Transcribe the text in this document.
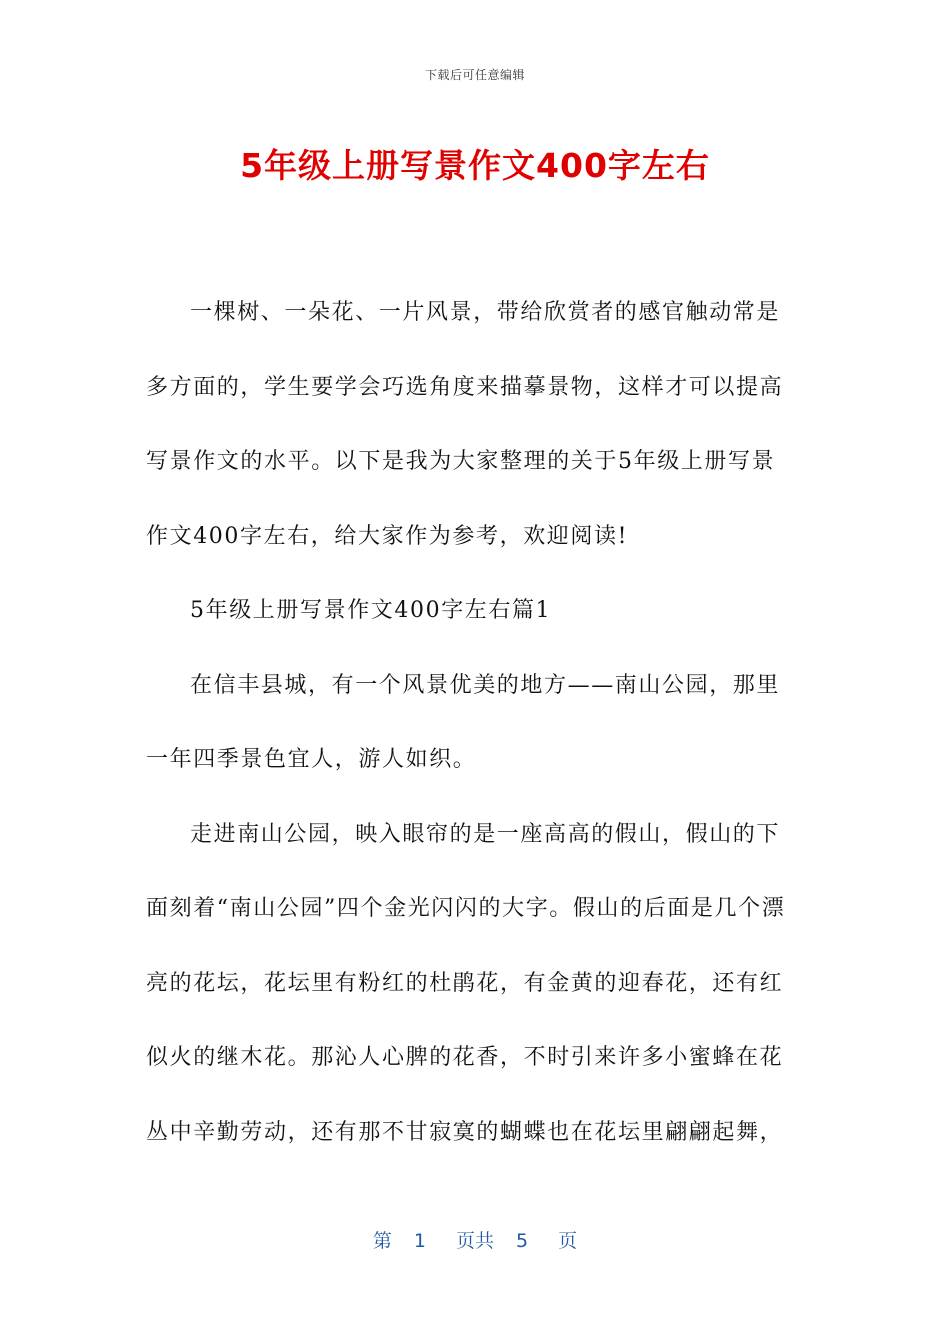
下载后可任意编辑
5年级上册写景作文400字左右

一棵树、一朵花、一片风景，带给欣赏者的感官触动常是多方面的，学生要学会巧选角度来描摹景物，这样才可以提高写景作文的水平。以下是我为大家整理的关于5年级上册写景作文400字左右，给大家作为参考，欢迎阅读!

5年级上册写景作文400字左右篇1

在信丰县城，有一个风景优美的地方——南山公园，那里一年四季景色宜人，游人如织。

走进南山公园，映入眼帘的是一座高高的假山，假山的下面刻着“南山公园”四个金光闪闪的大字。假山的后面是几个漂亮的花坛，花坛里有粉红的杜鹃花，有金黄的迎春花，还有红似火的继木花。那沁人心脾的花香，不时引来许多小蜜蜂在花丛中辛勤劳动，还有那不甘寂寞的蝴蝶也在花坛里翩翩起舞，

第 1 页共 5 页
